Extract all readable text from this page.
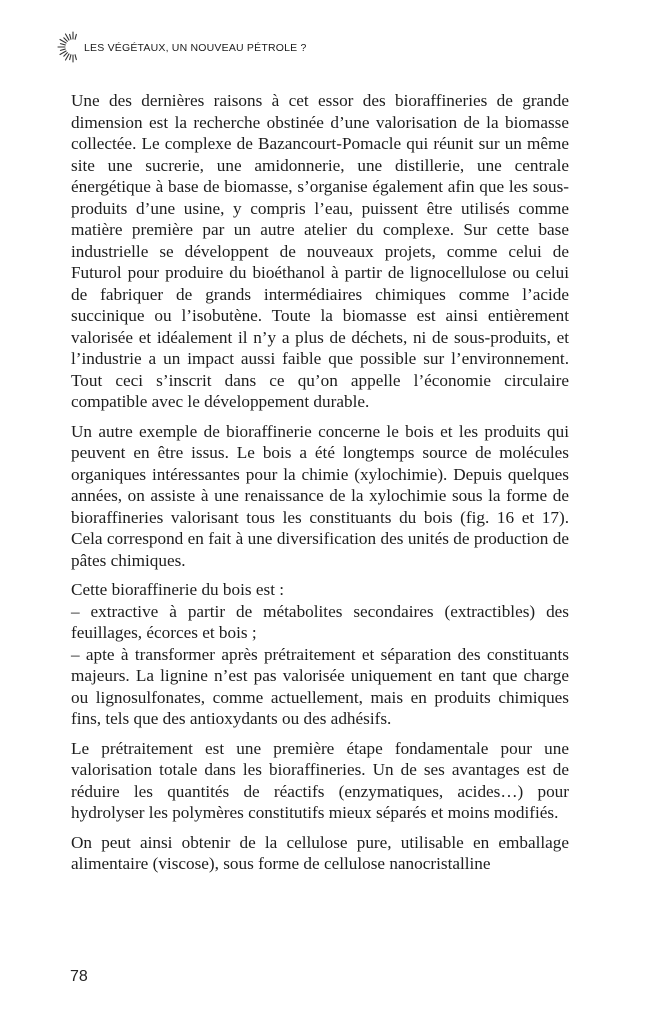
LES VÉGÉTAUX, UN NOUVEAU PÉTROLE ?

Une des dernières raisons à cet essor des bioraffineries de grande dimension est la recherche obstinée d’une valorisation de la biomasse collectée. Le complexe de Bazancourt-Pomacle qui réunit sur un même site une sucrerie, une amidonnerie, une distillerie, une centrale énergétique à base de biomasse, s’organise également afin que les sous-produits d’une usine, y compris l’eau, puissent être utilisés comme matière première par un autre atelier du complexe. Sur cette base industrielle se développent de nouveaux projets, comme celui de Futurol pour produire du bioéthanol à partir de lignocellulose ou celui de fabriquer de grands intermédiaires chimiques comme l’acide succinique ou l’isobutène. Toute la biomasse est ainsi entièrement valorisée et idéalement il n’y a plus de déchets, ni de sous-produits, et l’industrie a un impact aussi faible que possible sur l’environnement. Tout ceci s’inscrit dans ce qu’on appelle l’économie circulaire compatible avec le développement durable.

Un autre exemple de bioraffinerie concerne le bois et les produits qui peuvent en être issus. Le bois a été longtemps source de molécules organiques intéressantes pour la chimie (xylochimie). Depuis quelques années, on assiste à une renaissance de la xylochimie sous la forme de bioraffineries valorisant tous les constituants du bois (fig. 16 et 17). Cela correspond en fait à une diversification des unités de production de pâtes chimiques.

Cette bioraffinerie du bois est :
– extractive à partir de métabolites secondaires (extractibles) des feuillages, écorces et bois ;
– apte à transformer après prétraitement et séparation des constituants majeurs. La lignine n’est pas valorisée uniquement en tant que charge ou lignosulfonates, comme actuellement, mais en produits chimiques fins, tels que des antioxydants ou des adhésifs.

Le prétraitement est une première étape fondamentale pour une valorisation totale dans les bioraffineries. Un de ses avantages est de réduire les quantités de réactifs (enzymatiques, acides…) pour hydrolyser les polymères constitutifs mieux séparés et moins modifiés.

On peut ainsi obtenir de la cellulose pure, utilisable en emballage alimentaire (viscose), sous forme de cellulose nanocristalline

78
